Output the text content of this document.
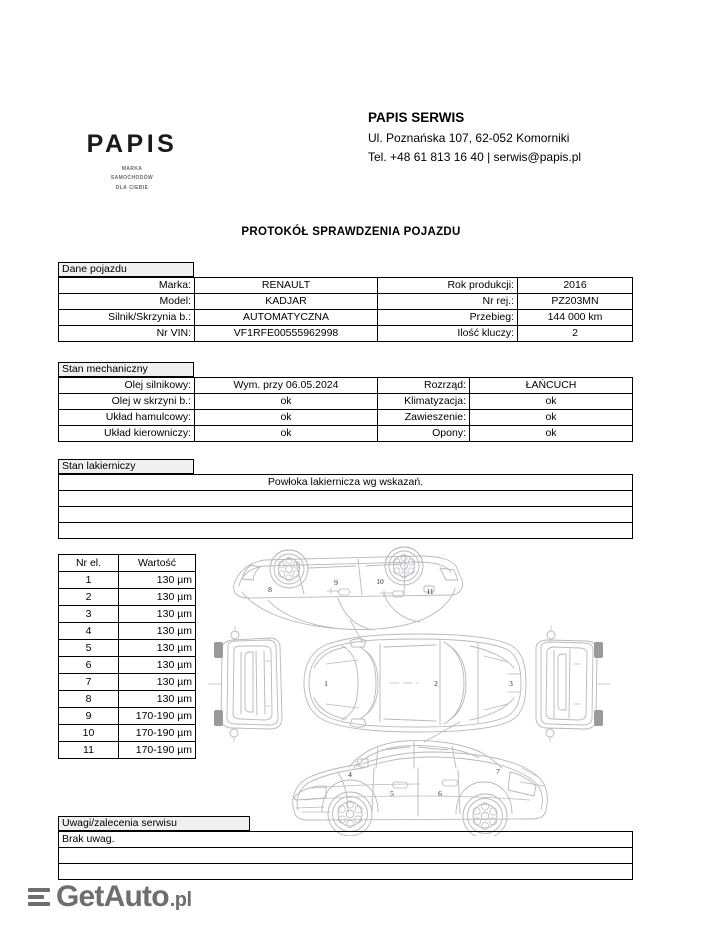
PAPIS
marka
samochodów
dla ciebie
PAPIS SERWIS
Ul. Poznańska 107, 62-052 Komorniki
Tel. +48 61 813 16 40 | serwis@papis.pl
PROTOKÓŁ SPRAWDZENIA POJAZDU
Dane pojazdu
Marka:	RENAULT	Rok produkcji:	2016
Model:	KADJAR	Nr rej.:	PZ203MN
Silnik/Skrzynia b.:	AUTOMATYCZNA	Przebieg:	144 000 km
Nr VIN:	VF1RFE00555962998	Ilość kluczy:	2
Stan mechaniczny
Olej silnikowy:	Wym. przy 06.05.2024	Rozrząd:	ŁAŃCUCH
Olej w skrzyni b.:	ok	Klimatyzacja:	ok
Układ hamulcowy:	ok	Zawieszenie:	ok
Układ kierowniczy:	ok	Opony:	ok
Stan lakierniczy
Powłoka lakiernicza wg wskazań.

Nr el.	Wartość
1	130 µm
2	130 µm
3	130 µm
4	130 µm
5	130 µm
6	130 µm
7	130 µm
8	130 µm
9	170-190 µm
10	170-190 µm
11	170-190 µm
9	10
8	11
1	2	3
4
5	6
7
Uwagi/zalecenia serwisu
Brak uwag.

GetAuto .pl
